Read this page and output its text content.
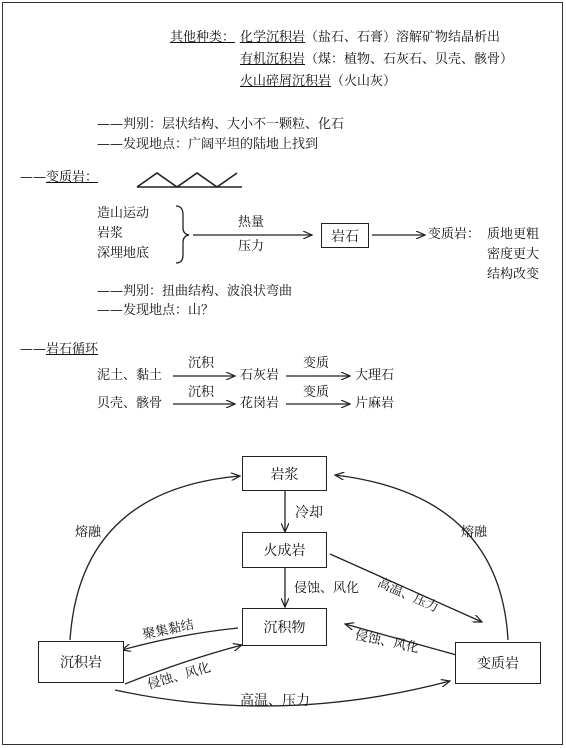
其他种类： 化学沉积岩（盐石、石膏）溶解矿物结晶析出
有机沉积岩（煤：植物、石灰石、贝壳、骸骨）
火山碎屑沉积岩（火山灰）
——判别：层状结构、大小不一颗粒、化石
——发现地点：广阔平坦的陆地上找到
——变质岩：
造山运动
岩浆
深埋地底
热量
压力
岩石	变质岩： 质地更粗
密度更大
结构改变
——判别：扭曲结构、波浪状弯曲
——发现地点：山？
——岩石循环
泥土、黏土
沉积
石灰岩
变质
大理石
贝壳、骸骨
沉积
花岗岩
变质
片麻岩
岩浆
火成岩
沉积物
沉积岩	变质岩
冷却
侵蚀、风化 高温、压力
侵蚀、风化
聚集黏结
侵蚀、风化
高温、压力
熔融	熔融
